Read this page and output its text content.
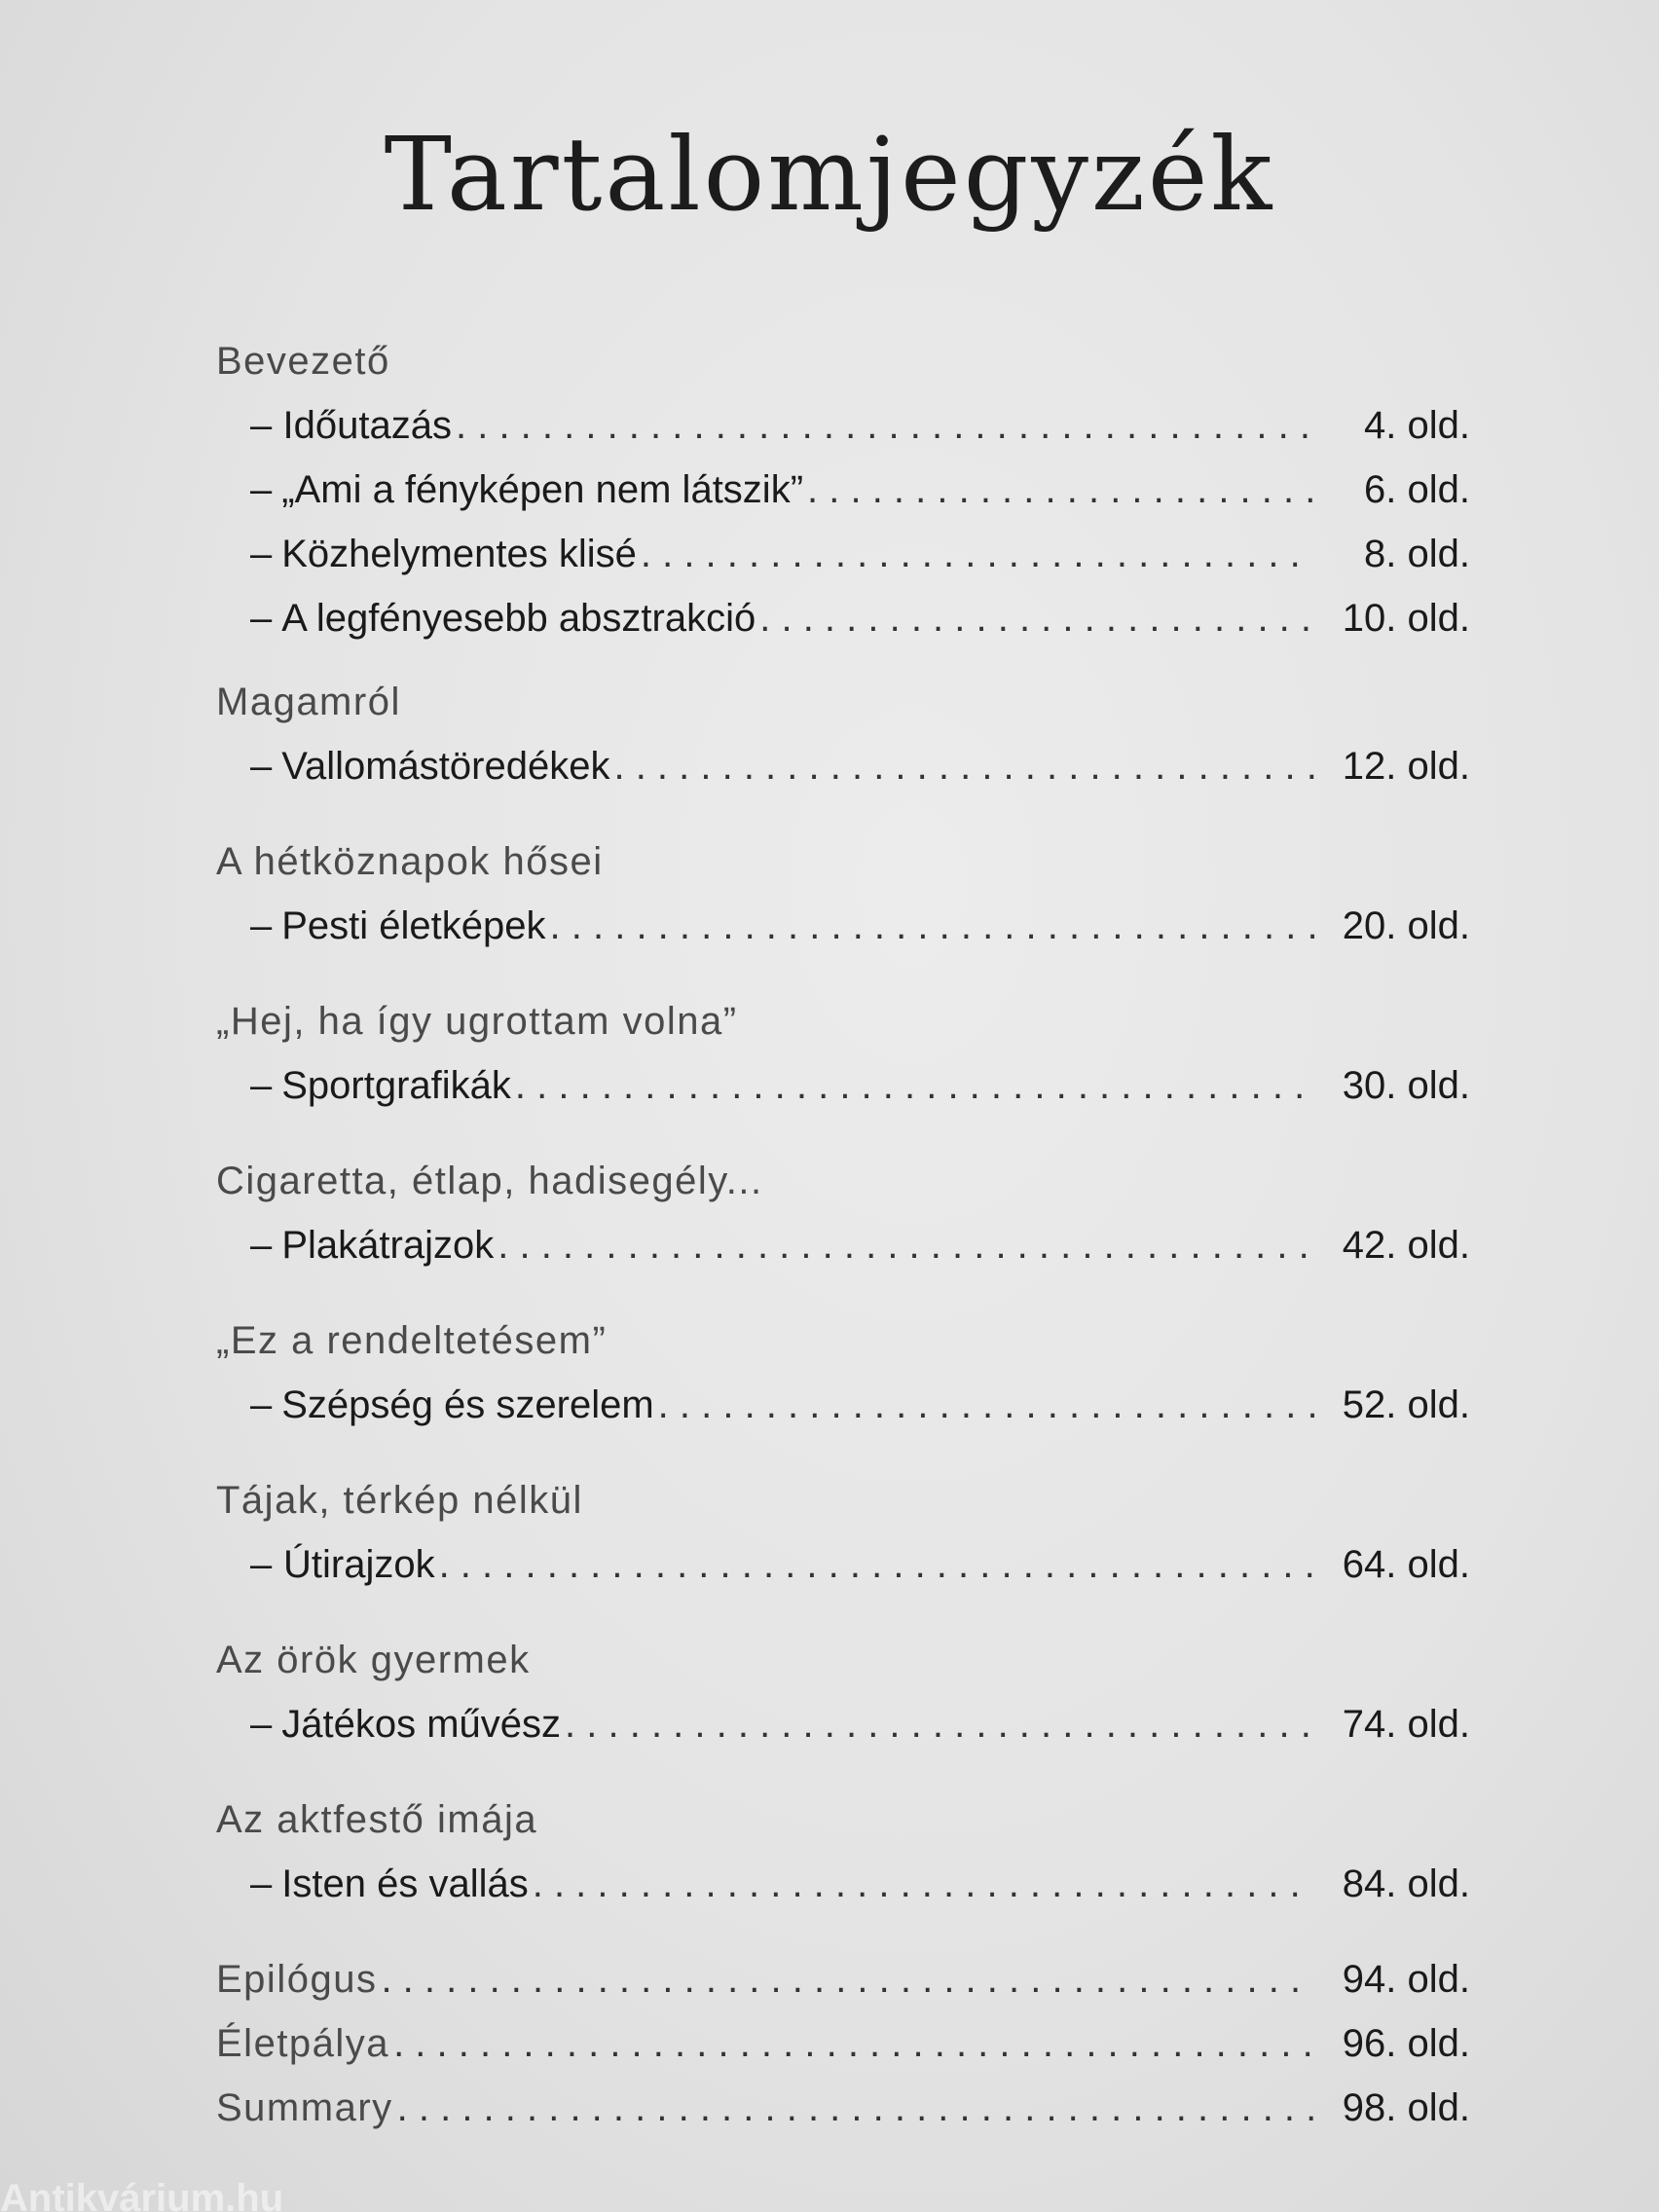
Tartalomjegyzék
Bevezető
– Időutazás . . .	4. old.
– „Ami a fényképen nem látszik” . . .	6. old.
– Közhelymentes klisé . . .	8. old.
– A legfényesebb absztrakció . . .	10. old.
Magamról
– Vallomástöredékek . . .	12. old.
A hétköznapok hősei
– Pesti életképek . . .	20. old.
„Hej, ha így ugrottam volna”
– Sportgrafikák . . .	30. old.
Cigaretta, étlap, hadisegély...
– Plakátrajzok . . .	42. old.
„Ez a rendeltetésem”
– Szépség és szerelem . . .	52. old.
Tájak, térkép nélkül
– Útirajzok . . .	64. old.
Az örök gyermek
– Játékos művész . . .	74. old.
Az aktfestő imája
– Isten és vallás . . .	84. old.
Epilógus . . .	94. old.
Életpálya . . .	96. old.
Summary . . .	98. old.
Antikvárium.hu
